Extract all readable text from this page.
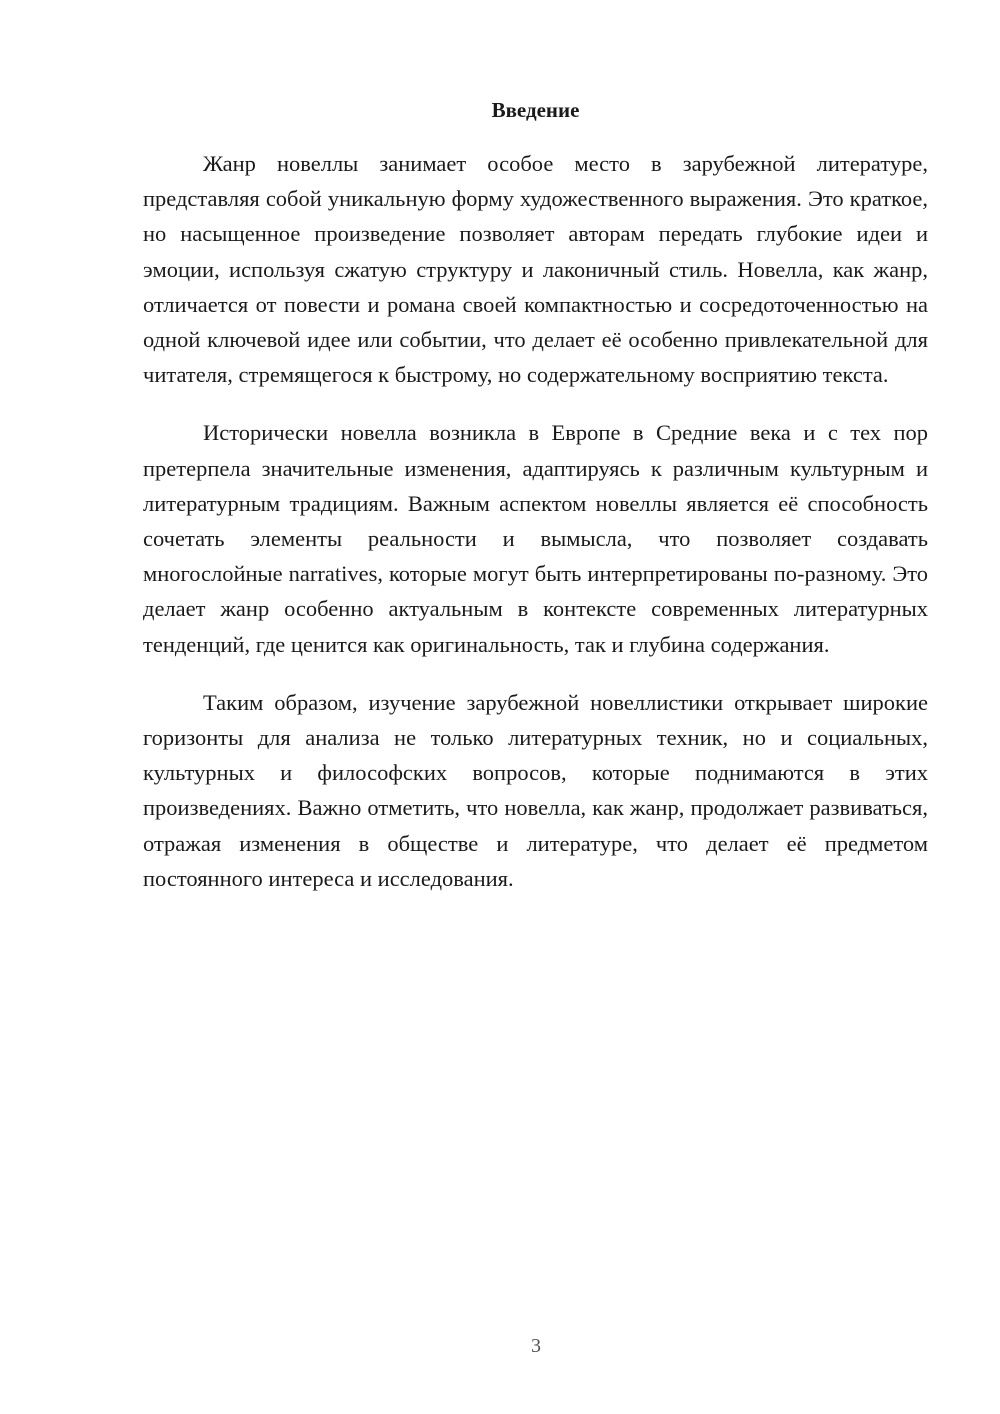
Введение

Жанр новеллы занимает особое место в зарубежной литературе, представляя собой уникальную форму художественного выражения. Это краткое, но насыщенное произведение позволяет авторам передать глубокие идеи и эмоции, используя сжатую структуру и лаконичный стиль. Новелла, как жанр, отличается от повести и романа своей компактностью и сосредоточенностью на одной ключевой идее или событии, что делает её особенно привлекательной для читателя, стремящегося к быстрому, но содержательному восприятию текста.

Исторически новелла возникла в Европе в Средние века и с тех пор претерпела значительные изменения, адаптируясь к различным культурным и литературным традициям. Важным аспектом новеллы является её способность сочетать элементы реальности и вымысла, что позволяет создавать многослойные narratives, которые могут быть интерпретированы по-разному. Это делает жанр особенно актуальным в контексте современных литературных тенденций, где ценится как оригинальность, так и глубина содержания.

Таким образом, изучение зарубежной новеллистики открывает широкие горизонты для анализа не только литературных техник, но и социальных, культурных и философских вопросов, которые поднимаются в этих произведениях. Важно отметить, что новелла, как жанр, продолжает развиваться, отражая изменения в обществе и литературе, что делает её предметом постоянного интереса и исследования.

3
